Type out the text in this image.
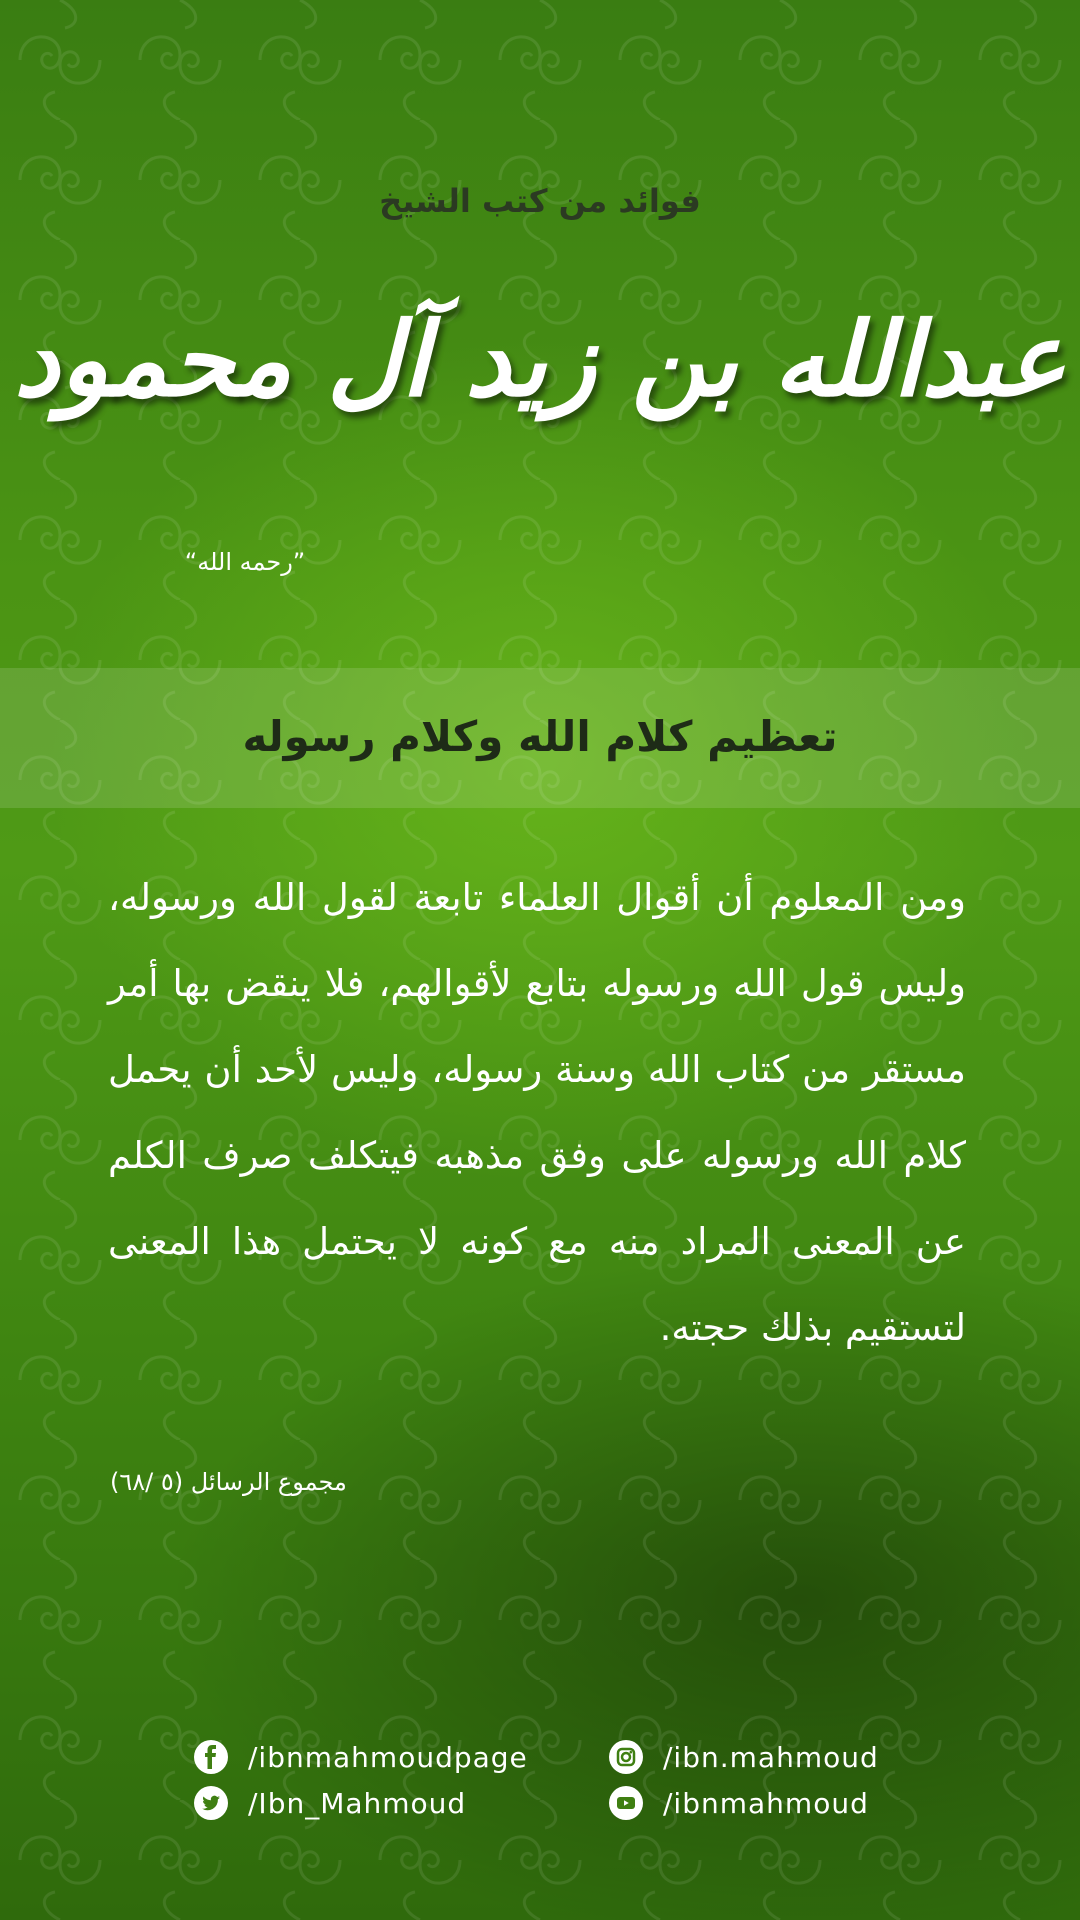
فوائد من كتب الشيخ
عبدالله بن زيد آل محمود
”رحمه الله“
تعظيم كلام الله وكلام رسوله
ومن المعلوم أن أقوال العلماء تابعة لقول الله ورسوله، وليس قول الله ورسوله بتابع لأقوالهم، فلا ينقض بها أمر مستقر من كتاب الله وسنة رسوله، وليس لأحد أن يحمل كلام الله ورسوله على وفق مذهبه فيتكلف صرف الكلم عن المعنى المراد منه مع كونه لا يحتمل هذا المعنى لتستقيم بذلك حجته.
مجموع الرسائل (٥ /٦٨)
/ibnmahmoudpage	/ibn.mahmoud
/Ibn_Mahmoud	/ibnmahmoud
